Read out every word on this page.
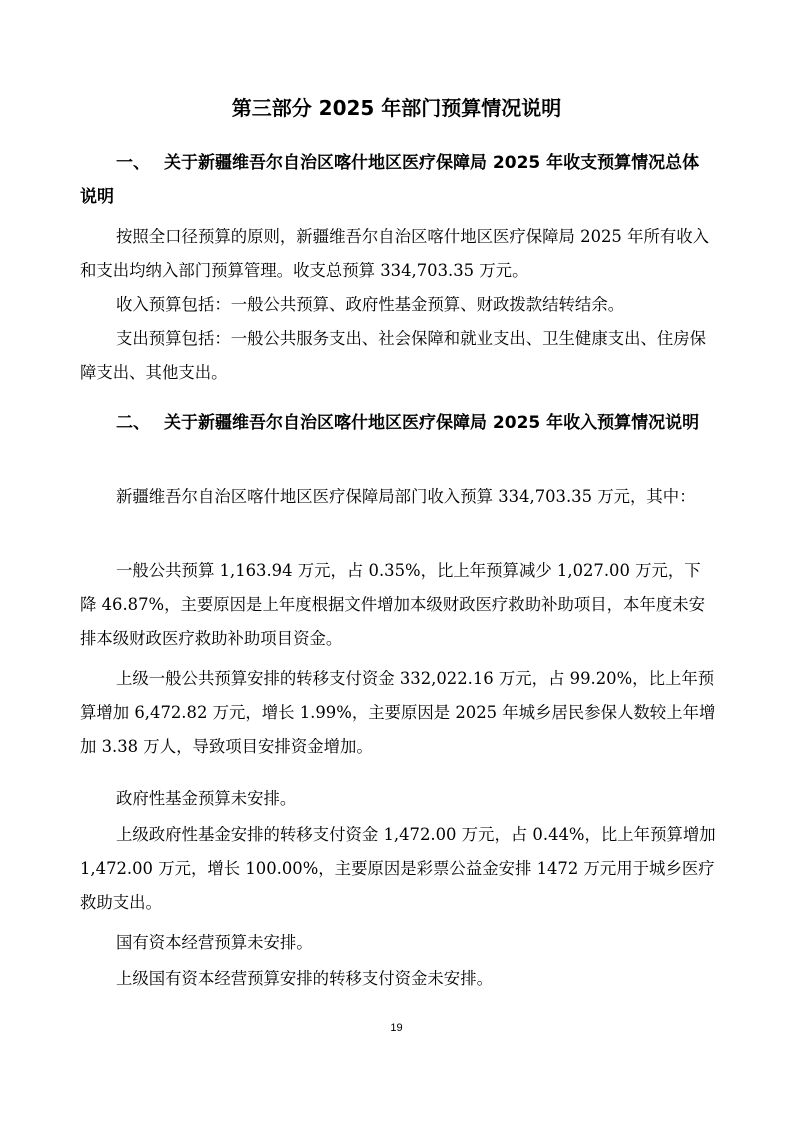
第三部分 2025 年部门预算情况说明

一、 关于新疆维吾尔自治区喀什地区医疗保障局 2025 年收支预算情况总体说明

按照全口径预算的原则，新疆维吾尔自治区喀什地区医疗保障局 2025 年所有收入和支出均纳入部门预算管理。收支总预算 334,703.35 万元。

收入预算包括：一般公共预算、政府性基金预算、财政拨款结转结余。

支出预算包括：一般公共服务支出、社会保障和就业支出、卫生健康支出、住房保障支出、其他支出。

二、 关于新疆维吾尔自治区喀什地区医疗保障局 2025 年收入预算情况说明

新疆维吾尔自治区喀什地区医疗保障局部门收入预算 334,703.35 万元，其中：

一般公共预算 1,163.94 万元，占 0.35%，比上年预算减少 1,027.00 万元，下降 46.87%，主要原因是上年度根据文件增加本级财政医疗救助补助项目，本年度未安排本级财政医疗救助补助项目资金。

上级一般公共预算安排的转移支付资金 332,022.16 万元，占 99.20%，比上年预算增加 6,472.82 万元，增长 1.99%，主要原因是 2025 年城乡居民参保人数较上年增加 3.38 万人，导致项目安排资金增加。

政府性基金预算未安排。

上级政府性基金安排的转移支付资金 1,472.00 万元，占 0.44%，比上年预算增加 1,472.00 万元，增长 100.00%，主要原因是彩票公益金安排 1472 万元用于城乡医疗救助支出。

国有资本经营预算未安排。

上级国有资本经营预算安排的转移支付资金未安排。

19
